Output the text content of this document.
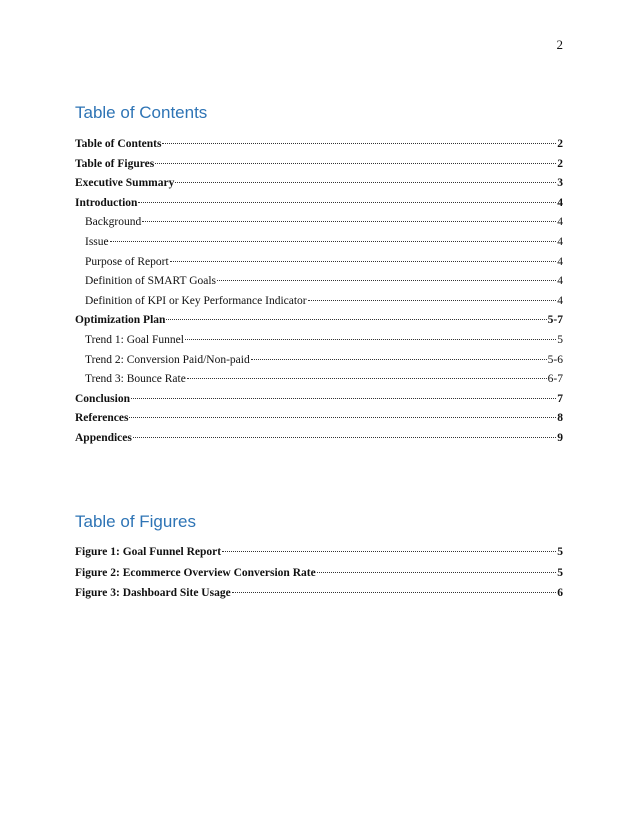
2
Table of Contents
Table of Contents	2
Table of Figures	2
Executive Summary	3
Introduction	4
Background	4
Issue	4
Purpose of Report	4
Definition of SMART Goals	4
Definition of KPI or Key Performance Indicator	4
Optimization Plan	5-7
Trend 1: Goal Funnel	5
Trend 2: Conversion Paid/Non-paid	5-6
Trend 3: Bounce Rate	6-7
Conclusion	7
References	8
Appendices	9
Table of Figures
Figure 1: Goal Funnel Report	5
Figure 2: Ecommerce Overview Conversion Rate	5
Figure 3: Dashboard Site Usage	6
